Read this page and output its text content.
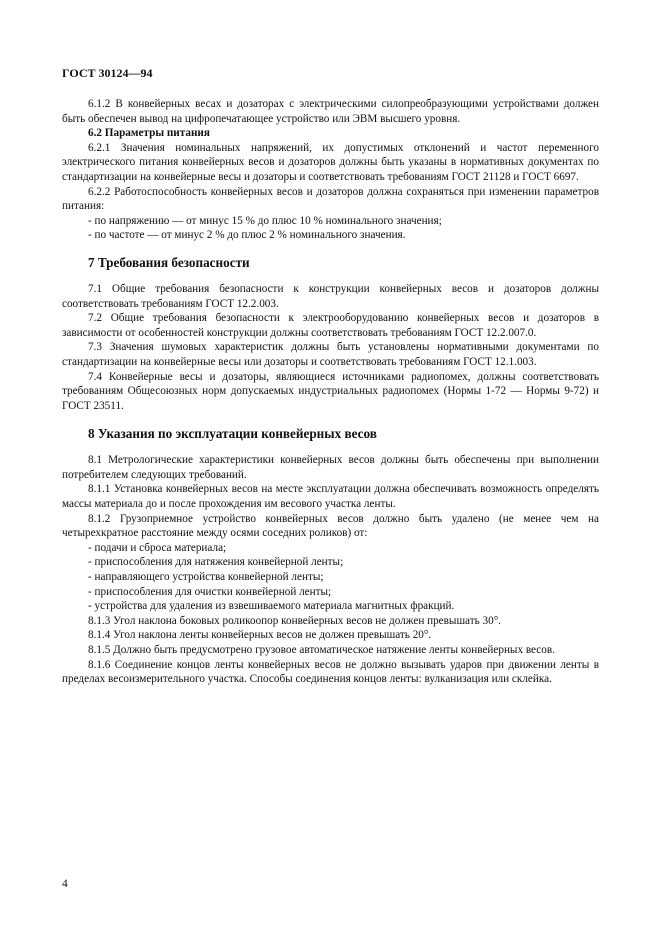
ГОСТ 30124—94

6.1.2 В конвейерных весах и дозаторах с электрическими силопреобразующими устройствами должен быть обеспечен вывод на цифропечатающее устройство или ЭВМ высшего уровня.

6.2 Параметры питания

6.2.1 Значения номинальных напряжений, их допустимых отклонений и частот переменного электрического питания конвейерных весов и дозаторов должны быть указаны в нормативных документах по стандартизации на конвейерные весы и дозаторы и соответствовать требованиям ГОСТ 21128 и ГОСТ 6697.

6.2.2 Работоспособность конвейерных весов и дозаторов должна сохраняться при изменении параметров питания:

- по напряжению — от минус 15 % до плюс 10 % номинального значения;

- по частоте — от минус 2 % до плюс 2 % номинального значения.

7 Требования безопасности

7.1 Общие требования безопасности к конструкции конвейерных весов и дозаторов должны соответствовать требованиям ГОСТ 12.2.003.

7.2 Общие требования безопасности к электрооборудованию конвейерных весов и дозаторов в зависимости от особенностей конструкции должны соответствовать требованиям ГОСТ 12.2.007.0.

7.3 Значения шумовых характеристик должны быть установлены нормативными документами по стандартизации на конвейерные весы или дозаторы и соответствовать требованиям ГОСТ 12.1.003.

7.4 Конвейерные весы и дозаторы, являющиеся источниками радиопомех, должны соответствовать требованиям Общесоюзных норм допускаемых индустриальных радиопомех (Нормы 1-72 — Нормы 9-72) и ГОСТ 23511.

8 Указания по эксплуатации конвейерных весов

8.1 Метрологические характеристики конвейерных весов должны быть обеспечены при выполнении потребителем следующих требований.

8.1.1 Установка конвейерных весов на месте эксплуатации должна обеспечивать возможность определять массы материала до и после прохождения им весового участка ленты.

8.1.2 Грузоприемное устройство конвейерных весов должно быть удалено (не менее чем на четырехкратное расстояние между осями соседних роликов) от:

- подачи и сброса материала;

- приспособления для натяжения конвейерной ленты;

- направляющего устройства конвейерной ленты;

- приспособления для очистки конвейерной ленты;

- устройства для удаления из взвешиваемого материала магнитных фракций.

8.1.3 Угол наклона боковых роликоопор конвейерных весов не должен превышать 30°.

8.1.4 Угол наклона ленты конвейерных весов не должен превышать 20°.

8.1.5 Должно быть предусмотрено грузовое автоматическое натяжение ленты конвейерных весов.

8.1.6 Соединение концов ленты конвейерных весов не должно вызывать ударов при движении ленты в пределах весоизмерительного участка. Способы соединения концов ленты: вулканизация или склейка.

4
